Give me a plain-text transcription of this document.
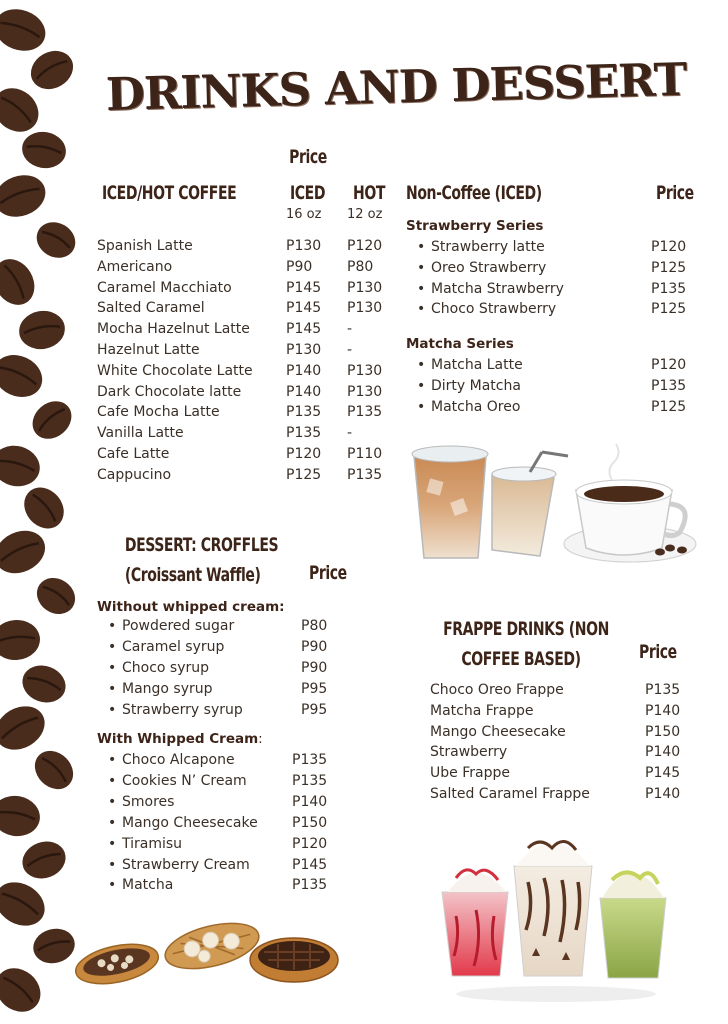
DRINKS AND DESSERT
Price
ICED/HOT COFFEE	ICED HOT
16 oz 12 oz
Spanish Latte	P130 P120
Americano	P90 P80
Caramel Macchiato	P145 P130
Salted Caramel	P145 P130
Mocha Hazelnut Latte	P145 -
Hazelnut Latte	P130 -
White Chocolate Latte P140 P130
Dark Chocolate latte	P140 P130
Cafe Mocha Latte	P135 P135
Vanilla Latte	P135 -
Cafe Latte	P120 P110
Cappucino	P125 P135
Non-Coffee (ICED)	Price
Strawberry Series
• Strawberry latte	P120
• Oreo Strawberry	P125
• Matcha Strawberry	P135
• Choco Strawberry	P125
Matcha Series
• Matcha Latte	P120
• Dirty Matcha	P135
• Matcha Oreo	P125
DESSERT: CROFFLES
(Croissant Waffle)	Price
Without whipped cream:
• Powdered sugar	P80
• Caramel syrup	P90
• Choco syrup	P90
• Mango syrup	P95
• Strawberry syrup	P95
With Whipped Cream:
• Choco Alcapone	P135
• Cookies N’ Cream	P135
• Smores	P140
• Mango Cheesecake P150
• Tiramisu	P120
• Strawberry Cream	P145
• Matcha	P135
FRAPPE DRINKS (NON
COFFEE BASED)	Price
Choco Oreo Frappe	P135
Matcha Frappe	P140
Mango Cheesecake	P150
Strawberry	P140
Ube Frappe	P145
Salted Caramel Frappe	P140
